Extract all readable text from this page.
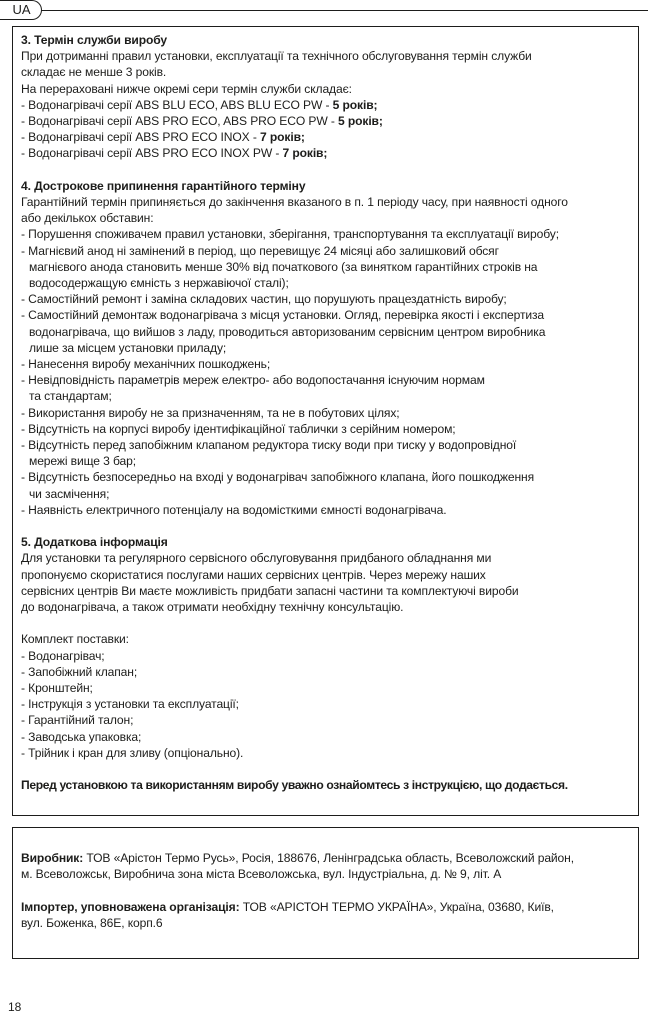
UA
3. Термін служби виробу
При дотриманні правил установки, експлуатації та технічного обслуговування термін служби
складає не менше 3 років.
На перераховані нижче окремі сери термін служби складає:
- Водонагрівачі серії ABS BLU ECO, ABS BLU ECO PW - 5 років;
- Водонагрівачі серії ABS PRO ECO, ABS PRO ECO PW - 5 років;
- Водонагрівачі серії ABS PRO ECO INOX - 7 років;
- Водонагрівачі серії ABS PRO ECO INOX PW - 7 років;
4. Дострокове припинення гарантійного терміну
Гарантійний термін припиняється до закінчення вказаного в п. 1 періоду часу, при наявності одного
або декількох обставин:
- Порушення споживачем правил установки, зберігання, транспортування та експлуатації виробу;
- Магнієвий анод ні замінений в період, що перевищує 24 місяці або залишковий обсяг
магнієвого анода становить менше 30% від початкового (за винятком гарантійних строків на
водосодержащую ємність з нержавіючої сталі);
- Самостійний ремонт і заміна складових частин, що порушують працездатність виробу;
- Самостійний демонтаж водонагрівача з місця установки. Огляд, перевірка якості і експертиза
водонагрівача, що вийшов з ладу, проводиться авторизованим сервісним центром виробника
лише за місцем установки приладу;
- Нанесення виробу механічних пошкоджень;
- Невідповідність параметрів мереж електро- або водопостачання існуючим нормам
та стандартам;
- Використання виробу не за призначенням, та не в побутових цілях;
- Відсутність на корпусі виробу ідентифікаційної таблички з серійним номером;
- Відсутність перед запобіжним клапаном редуктора тиску води при тиску у водопровідної
мережі вище 3 бар;
- Відсутність безпосередньо на вході у водонагрівач запобіжного клапана, його пошкодження
чи засмічення;
- Наявність електричного потенціалу на водомісткими ємності водонагрівача.
5. Додаткова інформація
Для установки та регулярного сервісного обслуговування придбаного обладнання ми
пропонуємо скористатися послугами наших сервісних центрів. Через мережу наших
сервісних центрів Ви маєте можливість придбати запасні частини та комплектуючі вироби
до водонагрівача, а також отримати необхідну технічну консультацію.
Комплект поставки:
- Водонагрівач;
- Запобіжний клапан;
- Кронштейн;
- Інструкція з установки та експлуатації;
- Гарантійний талон;
- Заводська упаковка;
- Трійник і кран для зливу (опціонально).
Перед установкою та використанням виробу уважно ознайомтесь з інструкцією, що додається.
Виробник: ТОВ «Арістон Термо Русь», Росія, 188676, Ленінградська область, Всеволожский район,
м. Всеволожськ, Виробнича зона міста Всеволожська, вул. Індустріальна, д. № 9, літ. А
Імпортер, уповноважена організація: ТОВ «АРІСТОН ТЕРМО УКРАЇНА», Україна, 03680, Київ,
вул. Боженка, 86Е, корп.6
18
